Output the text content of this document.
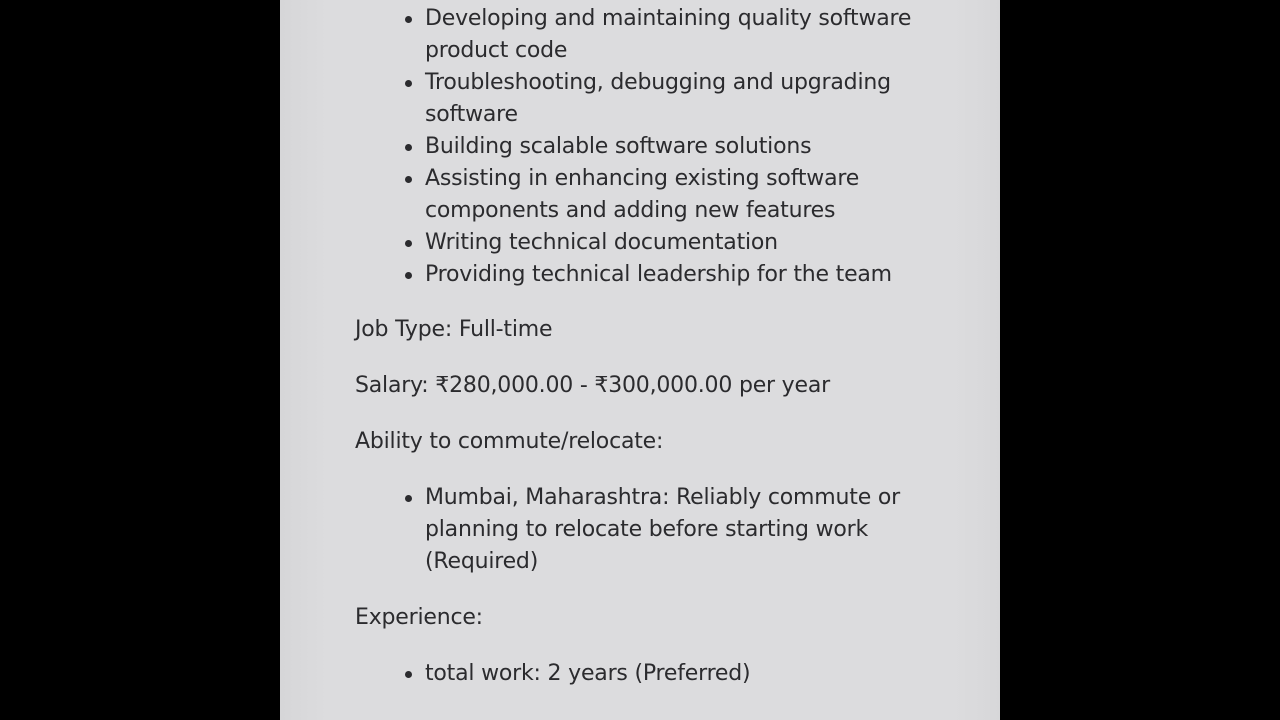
Developing and maintaining quality software product code
Troubleshooting, debugging and upgrading software
Building scalable software solutions
Assisting in enhancing existing software components and adding new features
Writing technical documentation
Providing technical leadership for the team
Job Type: Full-time
Salary: ₹280,000.00 - ₹300,000.00 per year
Ability to commute/relocate:
Mumbai, Maharashtra: Reliably commute or planning to relocate before starting work (Required)
Experience:
total work: 2 years (Preferred)
